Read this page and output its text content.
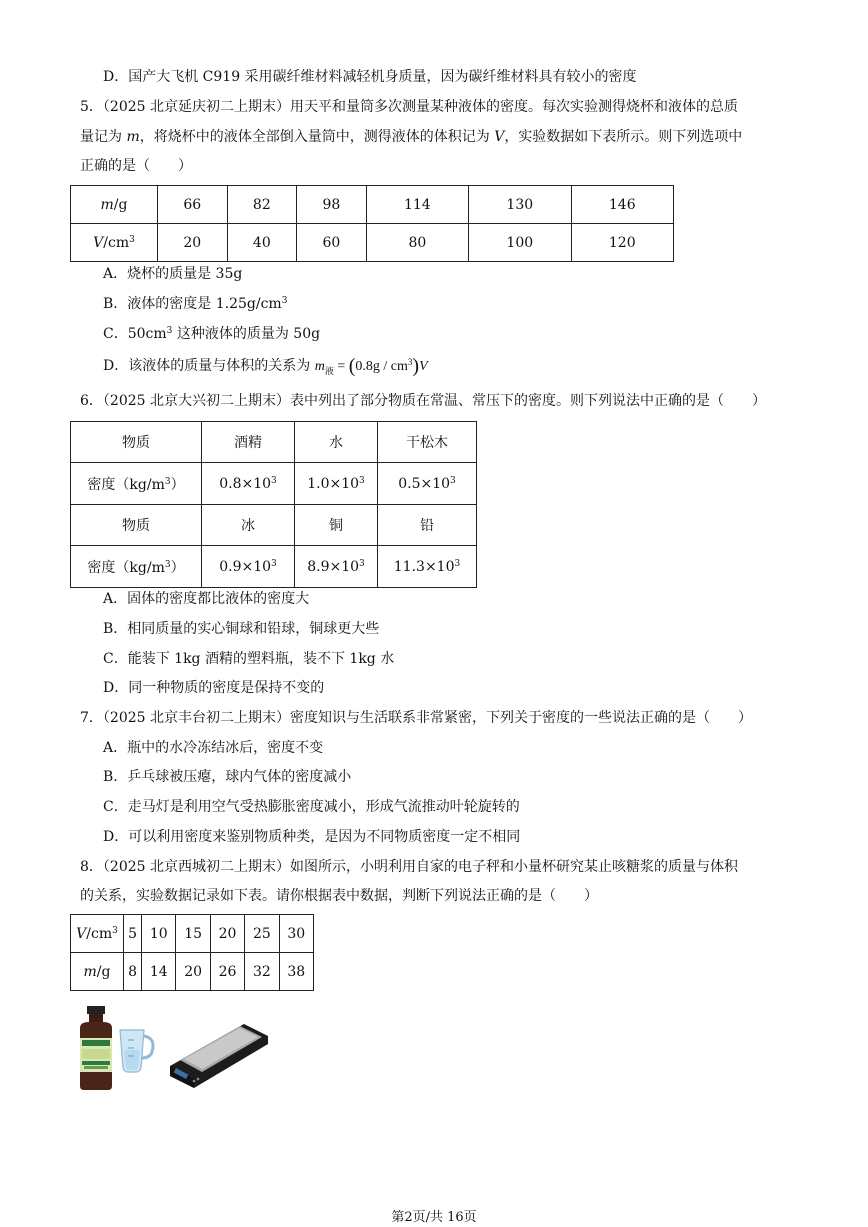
D．国产大飞机 C919 采用碳纤维材料减轻机身质量，因为碳纤维材料具有较小的密度
5．（2025 北京延庆初二上期末）用天平和量筒多次测量某种液体的密度。每次实验测得烧杯和液体的总质
量记为 m，将烧杯中的液体全部倒入量筒中，测得液体的体积记为 V，实验数据如下表所示。则下列选项中
正确的是（　　）
m/g	66	82	98	114	130	146
$V/cm^3$	20	40	60	80	100	120
A．烧杯的质量是 35g
B．液体的密度是 $1.25g/cm^3$
C．$50cm^3$ 这种液体的质量为 50g
D．该液体的质量与体积的关系为 $m_液 = (0.8g / cm^3)V$
6．（2025 北京大兴初二上期末）表中列出了部分物质在常温、常压下的密度。则下列说法中正确的是（　　）
物质	酒精	水	干松木
密度$(kg/m^3)$	$0.8\times 10^3$	$1.0\times 10^3$	$0.5\times 10^3$
物质	冰	铜	铅
密度$(kg/m^3)$	$0.9\times 10^3$	$8.9\times 10^3$	$11.3\times 10^3$
A．固体的密度都比液体的密度大
B．相同质量的实心铜球和铅球，铜球更大些
C．能装下 1kg 酒精的塑料瓶，装不下 1kg 水
D．同一种物质的密度是保持不变的
7．（2025 北京丰台初二上期末）密度知识与生活联系非常紧密，下列关于密度的一些说法正确的是（　　）
A．瓶中的水冷冻结冰后，密度不变
B．乒乓球被压瘪，球内气体的密度减小
C．走马灯是利用空气受热膨胀密度减小，形成气流推动叶轮旋转的
D．可以利用密度来鉴别物质种类，是因为不同物质密度一定不相同
8．（2025 北京西城初二上期末）如图所示，小明利用自家的电子秤和小量杯研究某止咳糖浆的质量与体积
的关系，实验数据记录如下表。请你根据表中数据，判断下列说法正确的是（　　）
$V/cm^3$	5	10	15	20	25	30
m/g	8	14	20	26	32	38
第2页/共 16页
